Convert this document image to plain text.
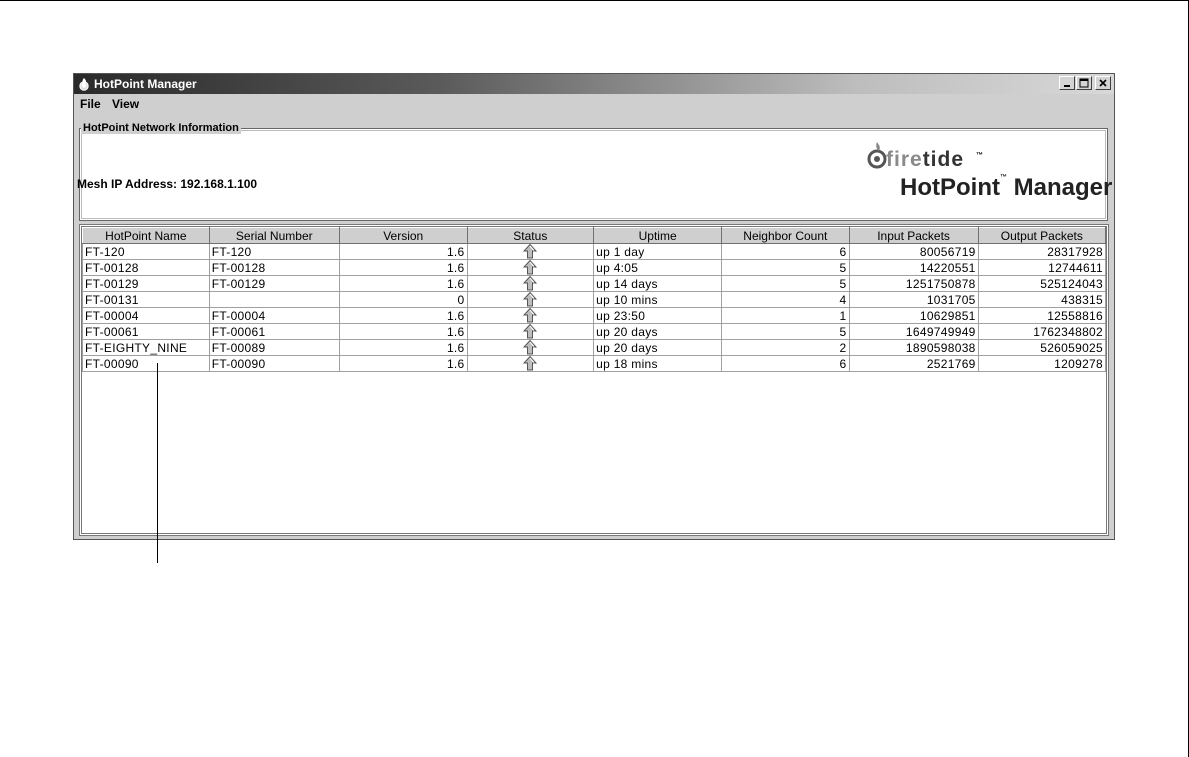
HotPoint Manager
File View
HotPoint Network Information
Mesh IP Address: 192.168.1.100
firetide ™
HotPoint™ Manager
HotPoint Name	Serial Number	Version	Status	Uptime	Neighbor Count	Input Packets	Output Packets
FT-120	FT-120	1.6		up 1 day	6	80056719	28317928
FT-00128	FT-00128	1.6		up 4:05	5	14220551	12744611
FT-00129	FT-00129	1.6		up 14 days	5	1251750878	525124043
FT-00131		0		up 10 mins	4	1031705	438315
FT-00004	FT-00004	1.6		up 23:50	1	10629851	12558816
FT-00061	FT-00061	1.6		up 20 days	5	1649749949	1762348802
FT-EIGHTY_NINE	FT-00089	1.6		up 20 days	2	1890598038	526059025
FT-00090	FT-00090	1.6		up 18 mins	6	2521769	1209278
